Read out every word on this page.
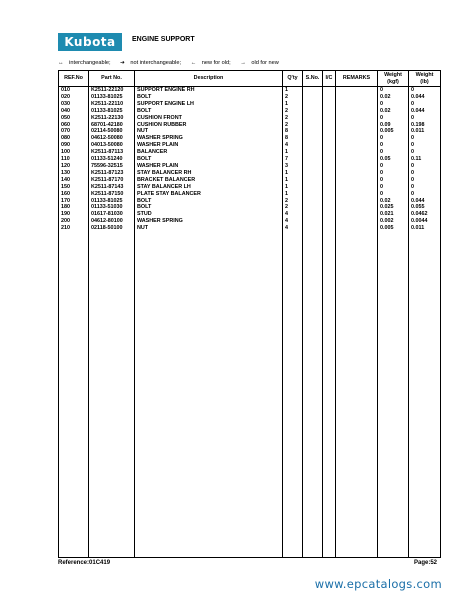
Kubota	ENGINE SUPPORT
↔ interchangeable; ➔ not interchangeable; ← new for old; → old for new
REF.No	Part No.	Description	Q'ty	S.No.	I/C	REMARKS	Weight (kgf)	Weight (lb)
010	K2511-22120	SUPPORT ENGINE RH	1				0	0
020	01133-81025	BOLT	2				0.02	0.044
030	K2511-22110	SUPPORT ENGINE LH	1				0	0
040	01133-81025	BOLT	2				0.02	0.044
050	K2511-22130	CUSHION FRONT	2				0	0
060	68701-42180	CUSHION RUBBER	2				0.09	0.198
070	02114-50080	NUT	8				0.005	0.011
080	04612-50080	WASHER SPRING	8				0	0
090	04013-50080	WASHER PLAIN	4				0	0
100	K2511-87113	BALANCER	1				0	0
110	01133-51240	BOLT	7				0.05	0.11
120	75596-32515	WASHER PLAIN	3				0	0
130	K2511-87123	STAY BALANCER RH	1				0	0
140	K2511-87170	BRACKET BALANCER	1				0	0
150	K2511-87143	STAY BALANCER LH	1				0	0
160	K2511-87150	PLATE STAY BALANCER	1				0	0
170	01133-81025	BOLT	2				0.02	0.044
180	01133-51030	BOLT	2				0.025	0.055
190	01617-81030	STUD	4				0.021	0.0462
200	04612-80100	WASHER SPRING	4				0.002	0.0044
210	02118-50100	NUT	4				0.005	0.011

Reference:01C419	Page:52
www.epcatalogs.com
